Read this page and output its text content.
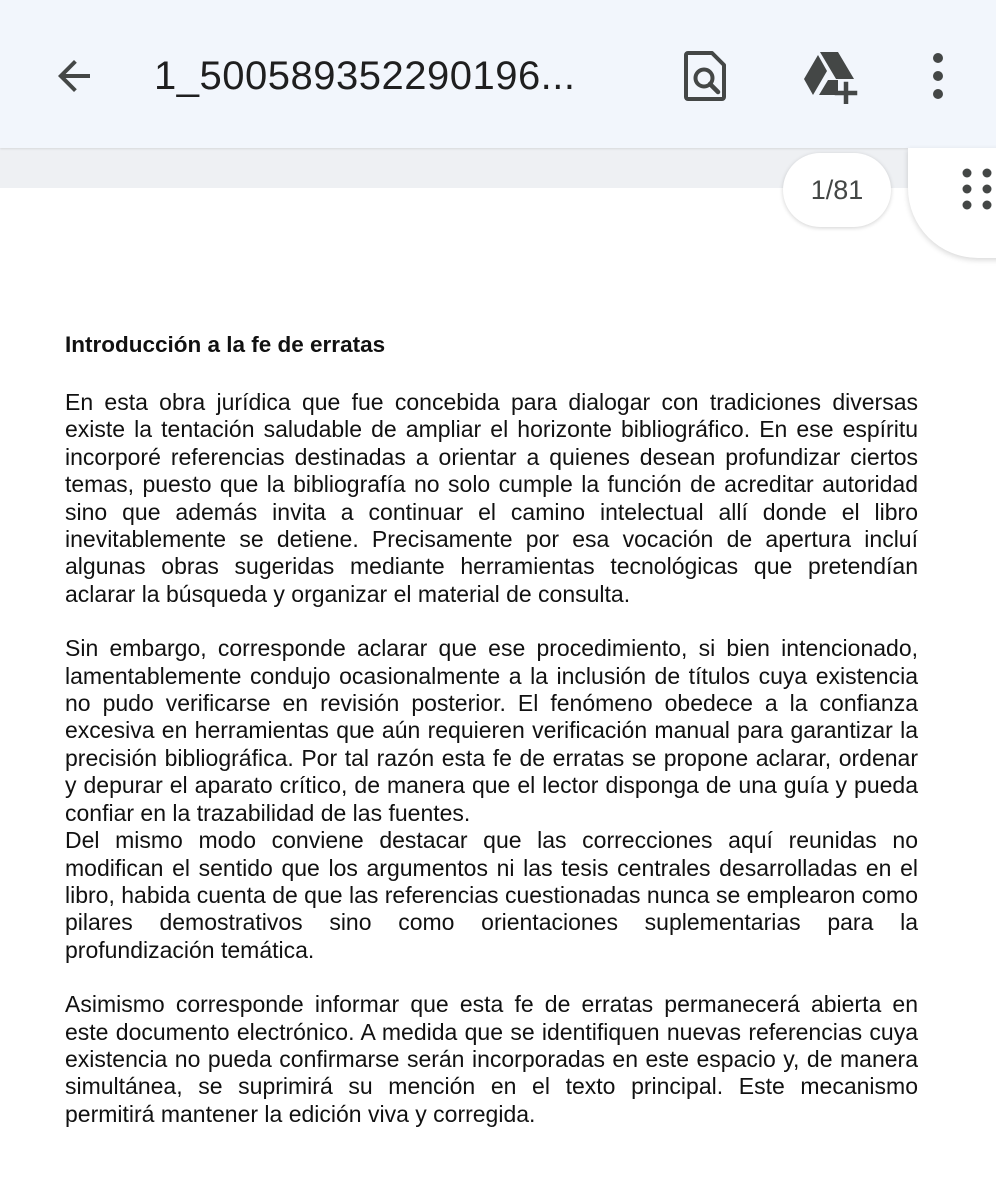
1_500589352290196...
1/81
Introducción a la fe de erratas

En esta obra jurídica que fue concebida para dialogar con tradiciones diversas existe la tentación saludable de ampliar el horizonte bibliográfico. En ese espíritu incorporé referencias destinadas a orientar a quienes desean profundizar ciertos temas, puesto que la bibliografía no solo cumple la función de acreditar autoridad sino que además invita a continuar el camino intelectual allí donde el libro inevitablemente se detiene. Precisamente por esa vocación de apertura incluí algunas obras sugeridas mediante herramientas tecnológicas que pretendían aclarar la búsqueda y organizar el material de consulta.

Sin embargo, corresponde aclarar que ese procedimiento, si bien intencionado, lamentablemente condujo ocasionalmente a la inclusión de títulos cuya existencia no pudo verificarse en revisión posterior. El fenómeno obedece a la confianza excesiva en herramientas que aún requieren verificación manual para garantizar la precisión bibliográfica. Por tal razón esta fe de erratas se propone aclarar, ordenar y depurar el aparato crítico, de manera que el lector disponga de una guía y pueda confiar en la trazabilidad de las fuentes.

Del mismo modo conviene destacar que las correcciones aquí reunidas no modifican el sentido que los argumentos ni las tesis centrales desarrolladas en el libro, habida cuenta de que las referencias cuestionadas nunca se emplearon como pilares demostrativos sino como orientaciones suplementarias para la profundización temática.

Asimismo corresponde informar que esta fe de erratas permanecerá abierta en este documento electrónico. A medida que se identifiquen nuevas referencias cuya existencia no pueda confirmarse serán incorporadas en este espacio y, de manera simultánea, se suprimirá su mención en el texto principal. Este mecanismo permitirá mantener la edición viva y corregida.
